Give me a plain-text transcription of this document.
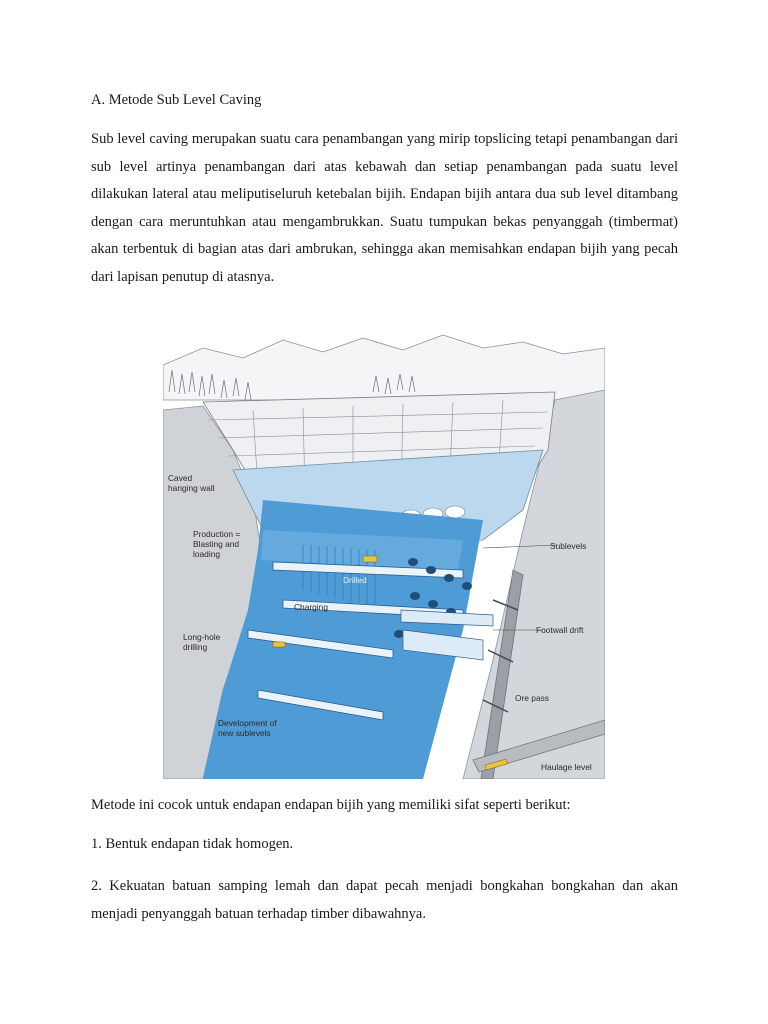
A. Metode Sub Level Caving

Sub level caving merupakan suatu cara penambangan yang mirip topslicing tetapi penambangan dari sub level artinya penambangan dari atas kebawah dan setiap penambangan pada suatu level dilakukan lateral atau meliputiseluruh ketebalan bijih. Endapan bijih antara dua sub level ditambang dengan cara meruntuhkan atau mengambrukkan. Suatu tumpukan bekas penyanggah (timbermat) akan terbentuk di bagian atas dari ambrukan, sehingga akan memisahkan endapan bijih yang pecah dari lapisan penutup di atasnya.

Caved
hanging wall
Production =
Blasting and
loading
Drilled
Charging
Long-hole
drilling
Development of
new sublevels
Sublevels
Footwall drift
Ore pass
Haulage level
Metode ini cocok untuk endapan endapan bijih yang memiliki sifat seperti berikut:
1. Bentuk endapan tidak homogen.

2. Kekuatan batuan samping lemah dan dapat pecah menjadi bongkahan bongkahan dan akan menjadi penyanggah batuan terhadap timber dibawahnya.
